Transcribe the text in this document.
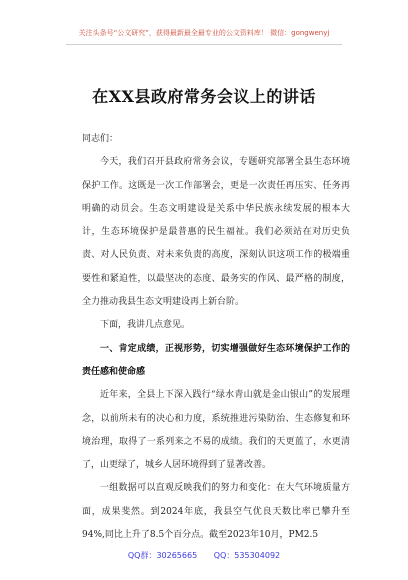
关注头条号“公文研究”，获得最新最全最专业的公文资料库！ 微信：gongwenyj
在XX县政府常务会议上的讲话

同志们：

今天，我们召开县政府常务会议，专题研究部署全县生态环境保护工作。这既是一次工作部署会，更是一次责任再压实、任务再明确的动员会。生态文明建设是关系中华民族永续发展的根本大计，生态环境保护是最普惠的民生福祉。我们必须站在对历史负责、对人民负责、对未来负责的高度，深刻认识这项工作的极端重要性和紧迫性，以最坚决的态度、最务实的作风、最严格的制度，全力推动我县生态文明建设再上新台阶。

下面，我讲几点意见。

一、肯定成绩，正视形势，切实增强做好生态环境保护工作的责任感和使命感

近年来，全县上下深入践行“绿水青山就是金山银山”的发展理念，以前所未有的决心和力度，系统推进污染防治、生态修复和环境治理，取得了一系列来之不易的成绩。我们的天更蓝了，水更清了，山更绿了，城乡人居环境得到了显著改善。

一组数据可以直观反映我们的努力和变化：在大气环境质量方面，成果斐然。到2024年底，我县空气优良天数比率已攀升至94%,同比上升了8.5个百分点。截至2023年10月，PM2.5

QQ群：30265665 QQ：535304092
